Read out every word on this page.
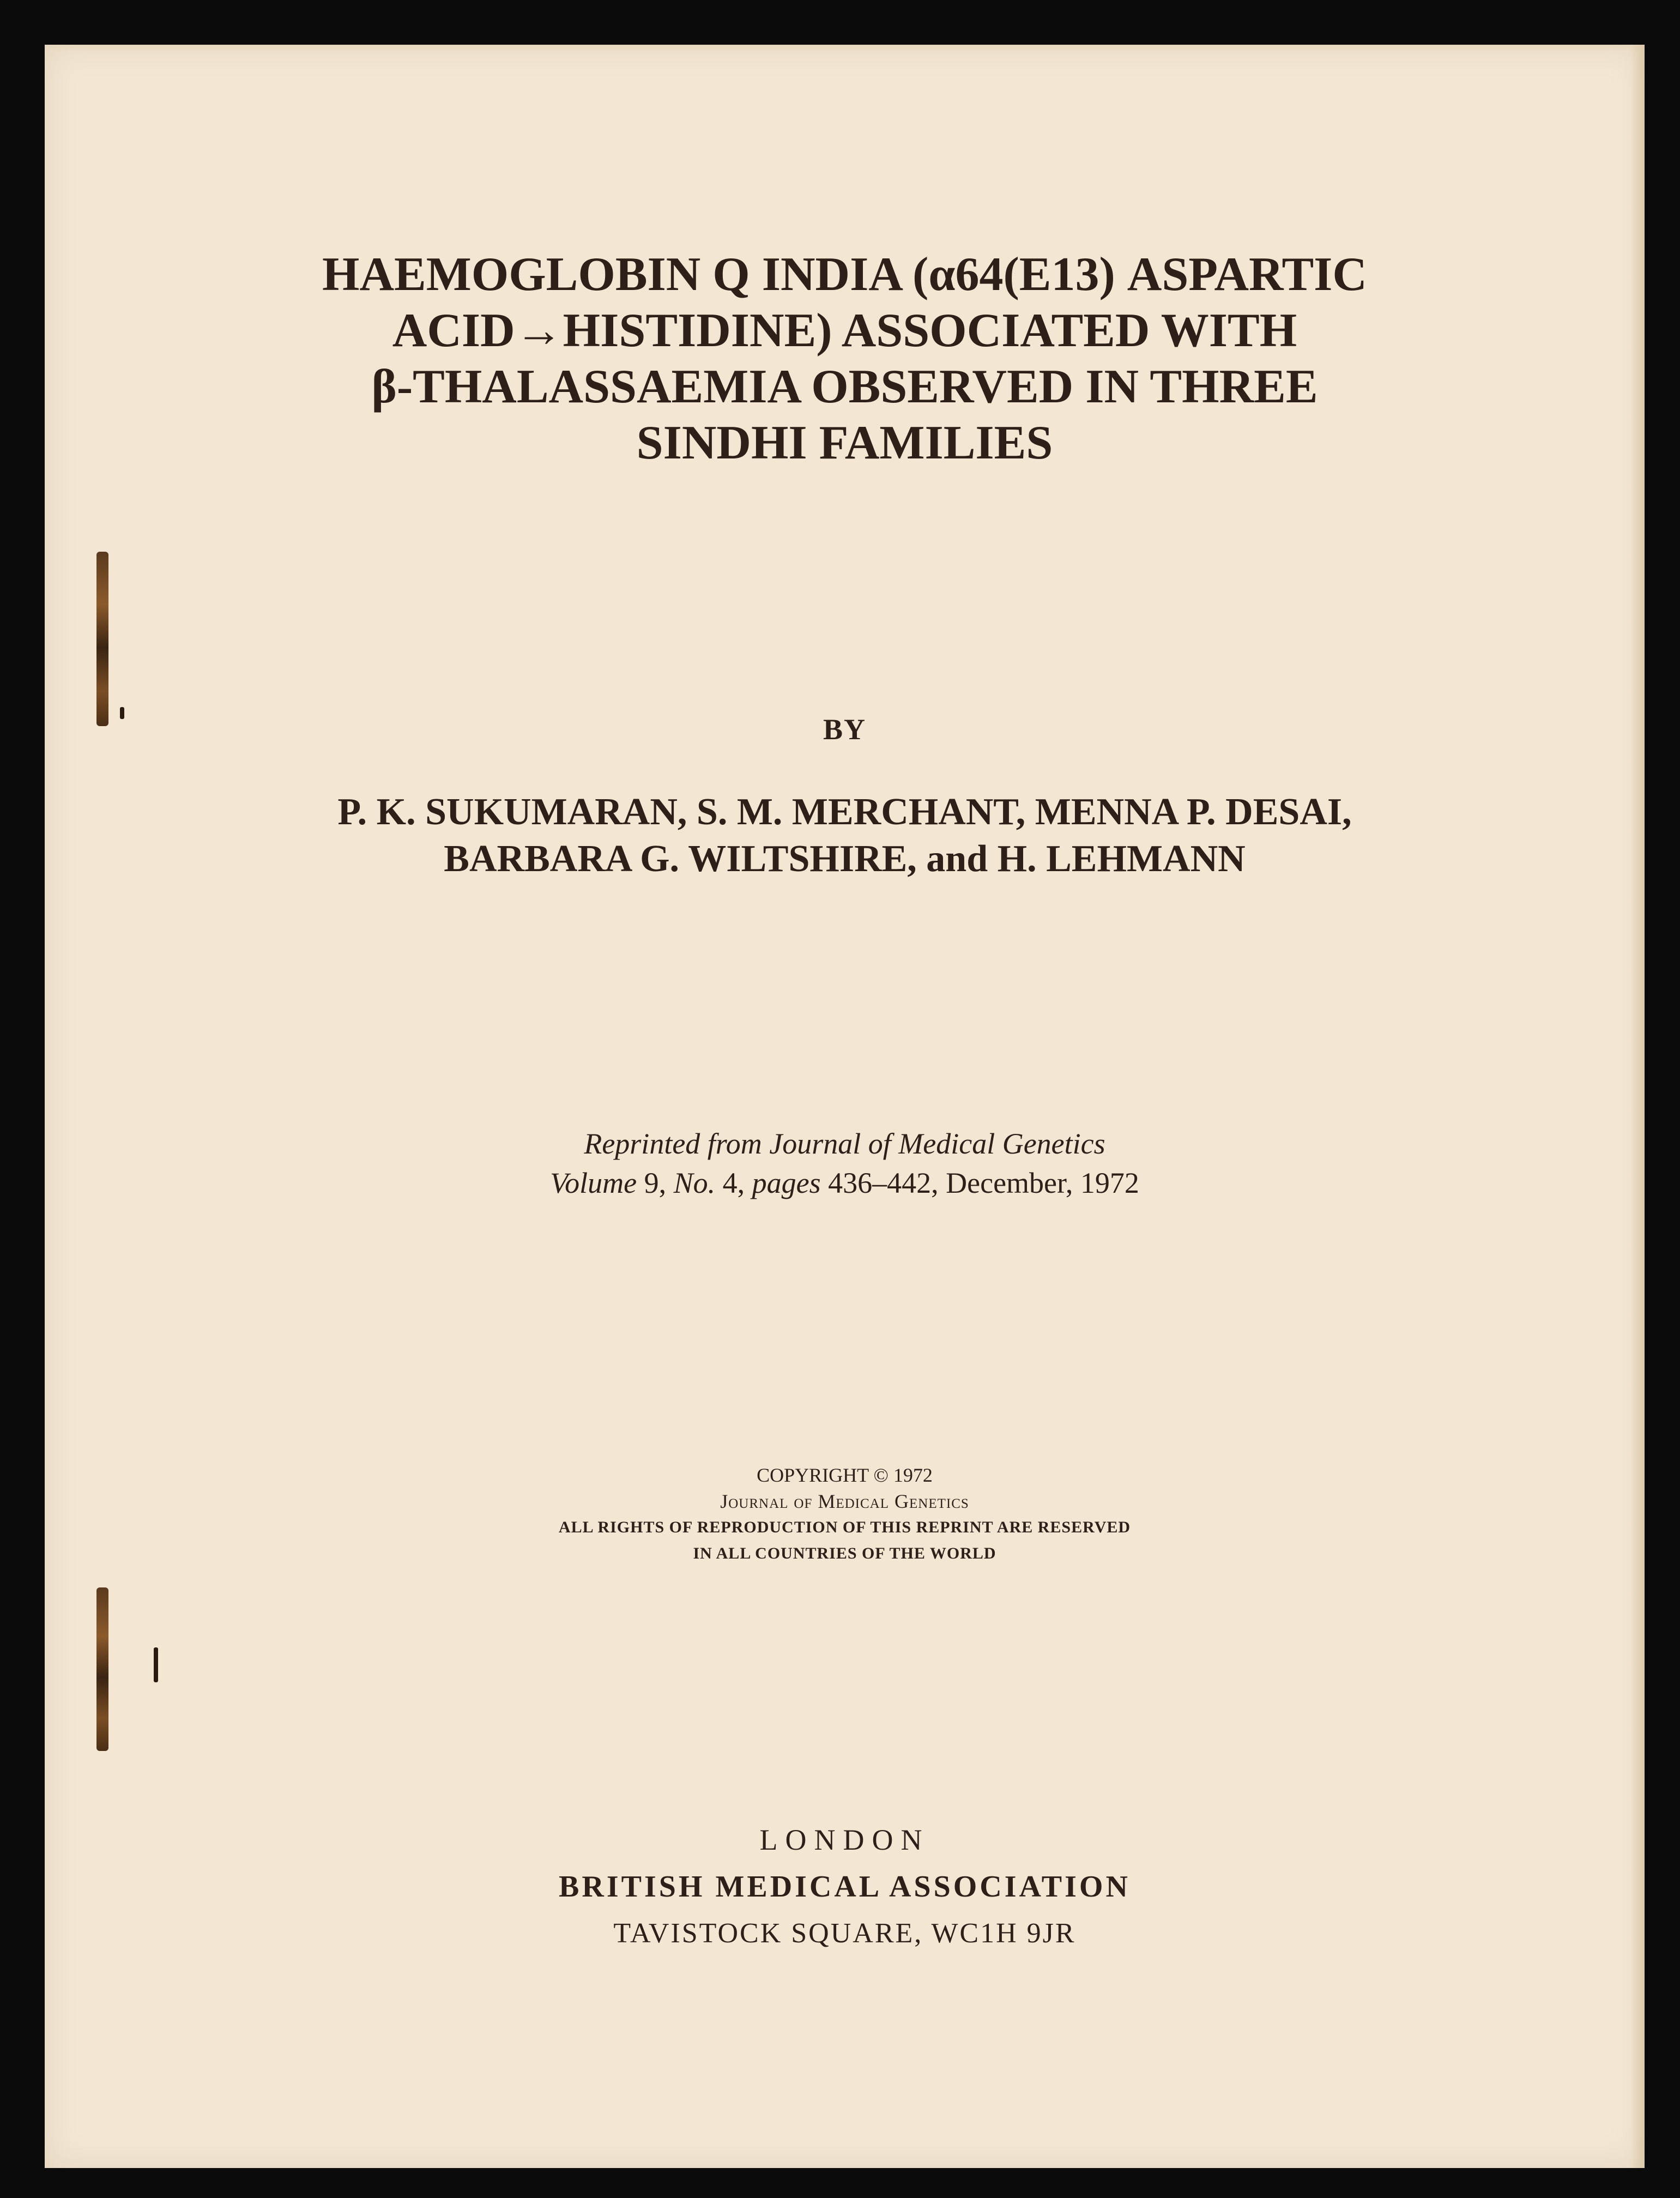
HAEMOGLOBIN Q INDIA (α64(E13) ASPARTIC
ACID→HISTIDINE) ASSOCIATED WITH
β-THALASSAEMIA OBSERVED IN THREE
SINDHI FAMILIES
BY
P. K. SUKUMARAN, S. M. MERCHANT, MENNA P. DESAI,
BARBARA G. WILTSHIRE, and H. LEHMANN
Reprinted from Journal of Medical Genetics
Volume 9, No. 4, pages 436–442, December, 1972
COPYRIGHT © 1972
Journal of Medical Genetics
ALL RIGHTS OF REPRODUCTION OF THIS REPRINT ARE RESERVED
IN ALL COUNTRIES OF THE WORLD
LONDON
BRITISH MEDICAL ASSOCIATION
TAVISTOCK SQUARE, WC1H 9JR
